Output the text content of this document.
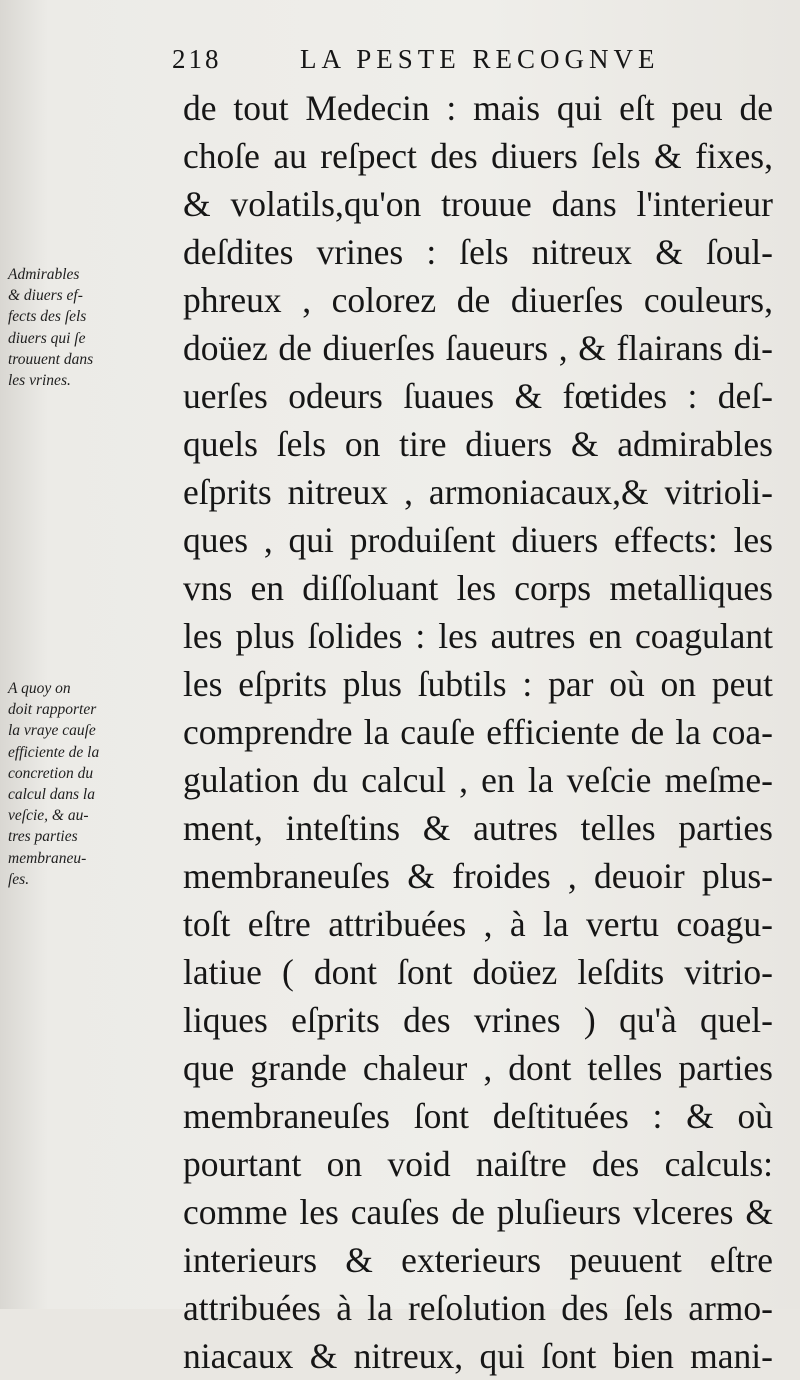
218	LA PESTE RECOGNVE
de tout Medecin : mais qui eſt peu de
choſe au reſpect des diuers ſels & fixes,
& volatils,qu'on trouue dans l'interieur
deſdites vrines : ſels nitreux & ſoul-
phreux , colorez de diuerſes couleurs,
doüez de diuerſes ſaueurs , & flairans di-
uerſes odeurs ſuaues & fœtides : deſ-
quels ſels on tire diuers & admirables
eſprits nitreux , armoniacaux,& vitrioli-
ques , qui produiſent diuers effects: les
vns en diſſoluant les corps metalliques
les plus ſolides : les autres en coagulant
les eſprits plus ſubtils : par où on peut
comprendre la cauſe efficiente de la coa-
gulation du calcul , en la veſcie meſme-
ment, inteſtins & autres telles parties
membraneuſes & froides , deuoir plus-
toſt eſtre attribuées , à la vertu coagu-
latiue ( dont ſont doüez leſdits vitrio-
liques eſprits des vrines ) qu'à quel-
que grande chaleur , dont telles parties
membraneuſes ſont deſtituées : & où
pourtant on void naiſtre des calculs:
comme les cauſes de pluſieurs vlceres &
interieurs & exterieurs peuuent eſtre
attribuées à la reſolution des ſels armo-
niacaux & nitreux, qui ſont bien mani-
Admirables
& diuers ef-
fects des ſels
diuers qui ſe
trouuent dans
les vrines.
A quoy on
doit rapporter
la vraye cauſe
efficiente de la
concretion du
calcul dans la
veſcie, & au-
tres parties
membraneu-
ſes.
